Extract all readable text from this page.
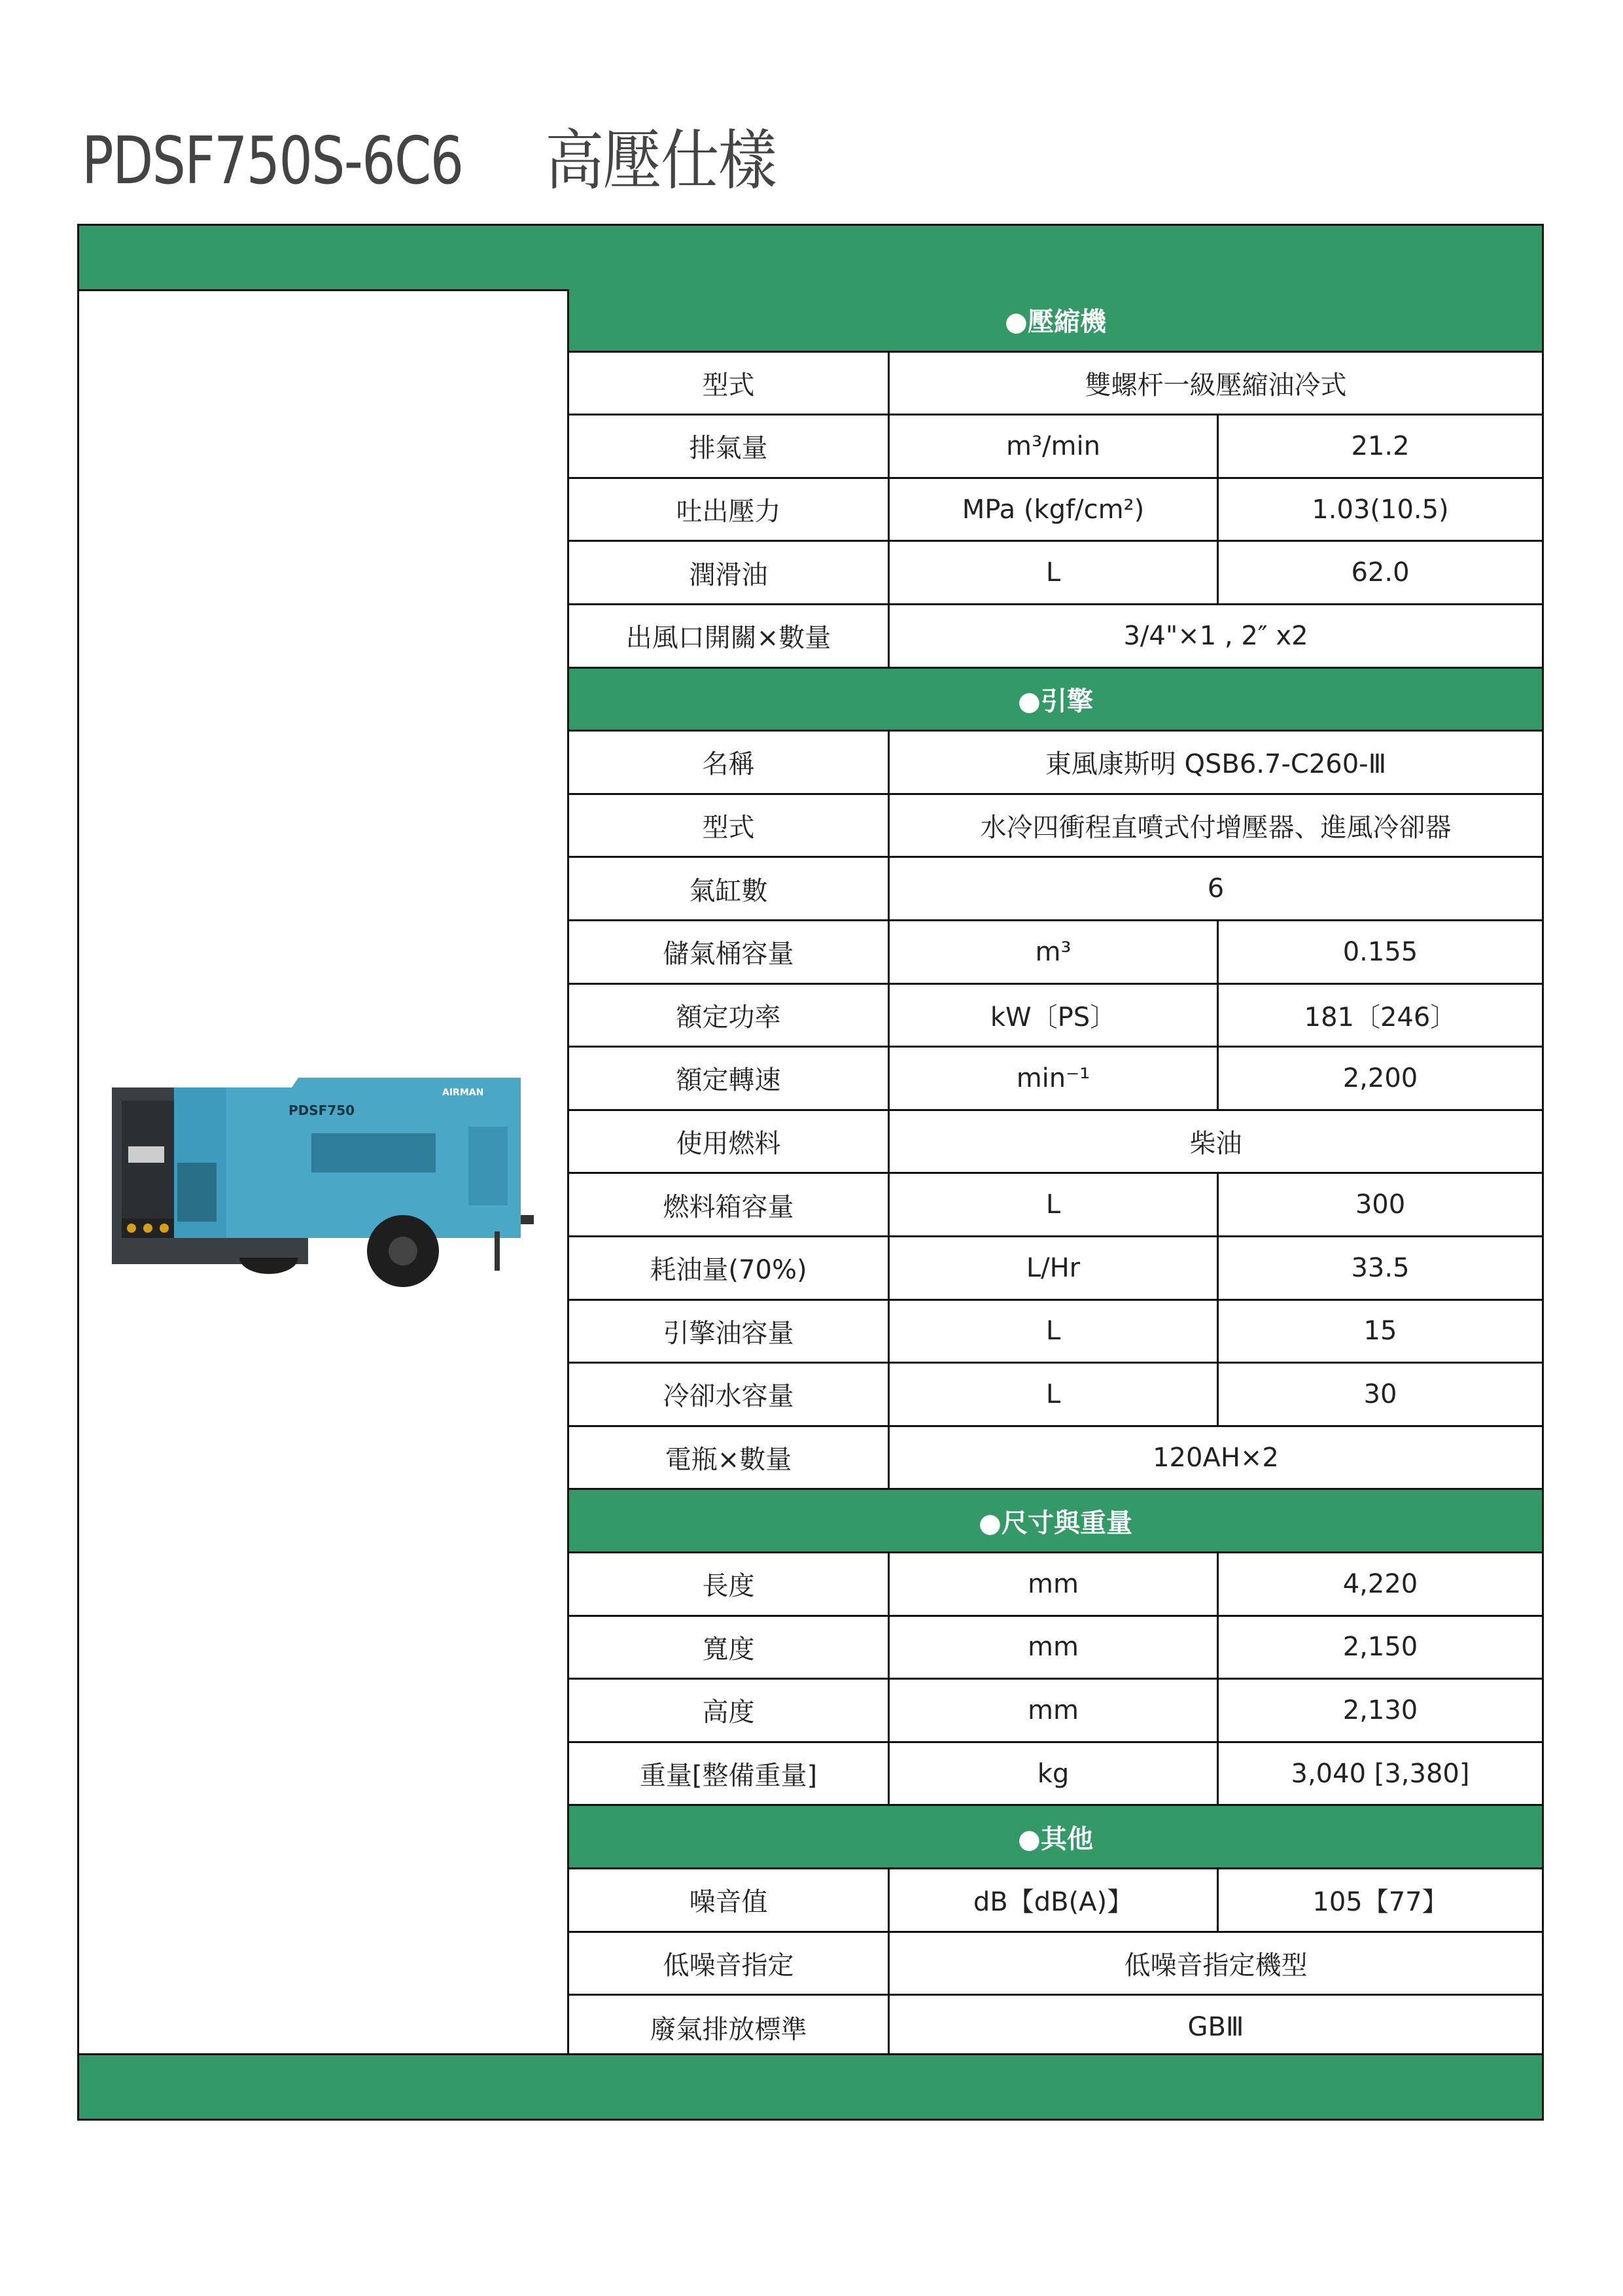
PDSF750S-6C6 高壓仕樣
AIRMAN
AIRMAN
PDSF750
●壓縮機
型式	雙螺杆一級壓縮油冷式
排氣量	m³/min	21.2
吐出壓力	MPa (kgf/cm²)	1.03(10.5)
潤滑油	L	62.0
出風口開關×數量	3/4"×1 , 2″ x2
●引擎
名稱	東風康斯明 QSB6.7-C260-Ⅲ
型式	水冷四衝程直噴式付增壓器、進風冷卻器
氣缸數	6
儲氣桶容量	m³	0.155
額定功率	kW〔PS〕	181〔246〕
額定轉速	min⁻¹	2,200
使用燃料	柴油
燃料箱容量	L	300
耗油量(70%)	L/Hr	33.5
引擎油容量	L	15
冷卻水容量	L	30
電瓶×數量	120AH×2
●尺寸與重量
長度	mm	4,220
寬度	mm	2,150
高度	mm	2,130
重量[整備重量]	kg	3,040 [3,380]
●其他
噪音值	dB【dB(A)】	105【77】
低噪音指定	低噪音指定機型
廢氣排放標準	GBⅢ
